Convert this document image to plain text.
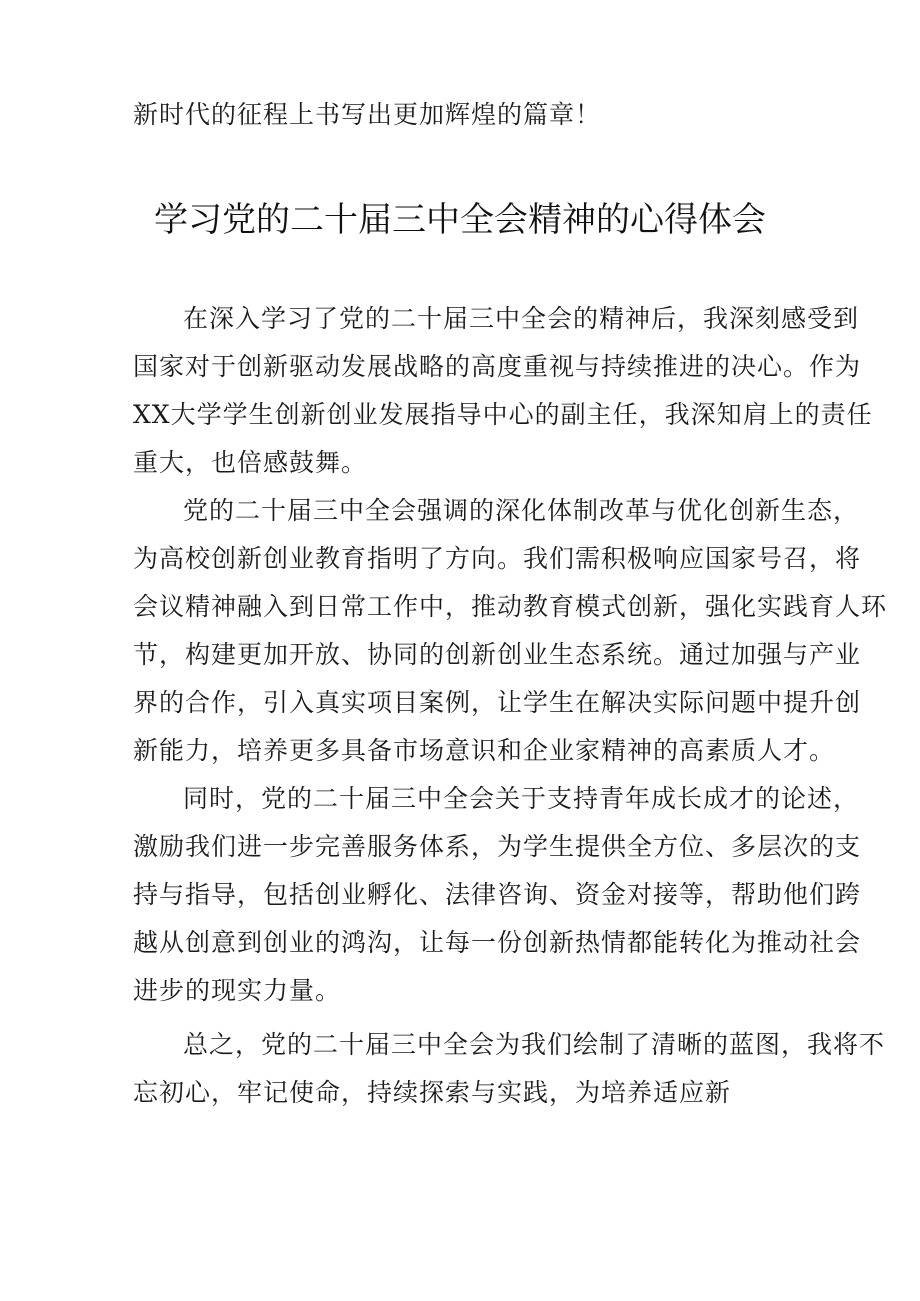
新时代的征程上书写出更加辉煌的篇章！
学习党的二十届三中全会精神的心得体会
在深入学习了党的二十届三中全会的精神后，我深刻感受到
国家对于创新驱动发展战略的高度重视与持续推进的决心。作为
XX大学学生创新创业发展指导中心的副主任，我深知肩上的责任
重大，也倍感鼓舞。
党的二十届三中全会强调的深化体制改革与优化创新生态，
为高校创新创业教育指明了方向。我们需积极响应国家号召，将
会议精神融入到日常工作中，推动教育模式创新，强化实践育人环
节，构建更加开放、协同的创新创业生态系统。通过加强与产业
界的合作，引入真实项目案例，让学生在解决实际问题中提升创
新能力，培养更多具备市场意识和企业家精神的高素质人才。
同时，党的二十届三中全会关于支持青年成长成才的论述，
激励我们进一步完善服务体系，为学生提供全方位、多层次的支
持与指导，包括创业孵化、法律咨询、资金对接等，帮助他们跨
越从创意到创业的鸿沟，让每一份创新热情都能转化为推动社会
进步的现实力量。
总之，党的二十届三中全会为我们绘制了清晰的蓝图，我将不
忘初心，牢记使命，持续探索与实践，为培养适应新
